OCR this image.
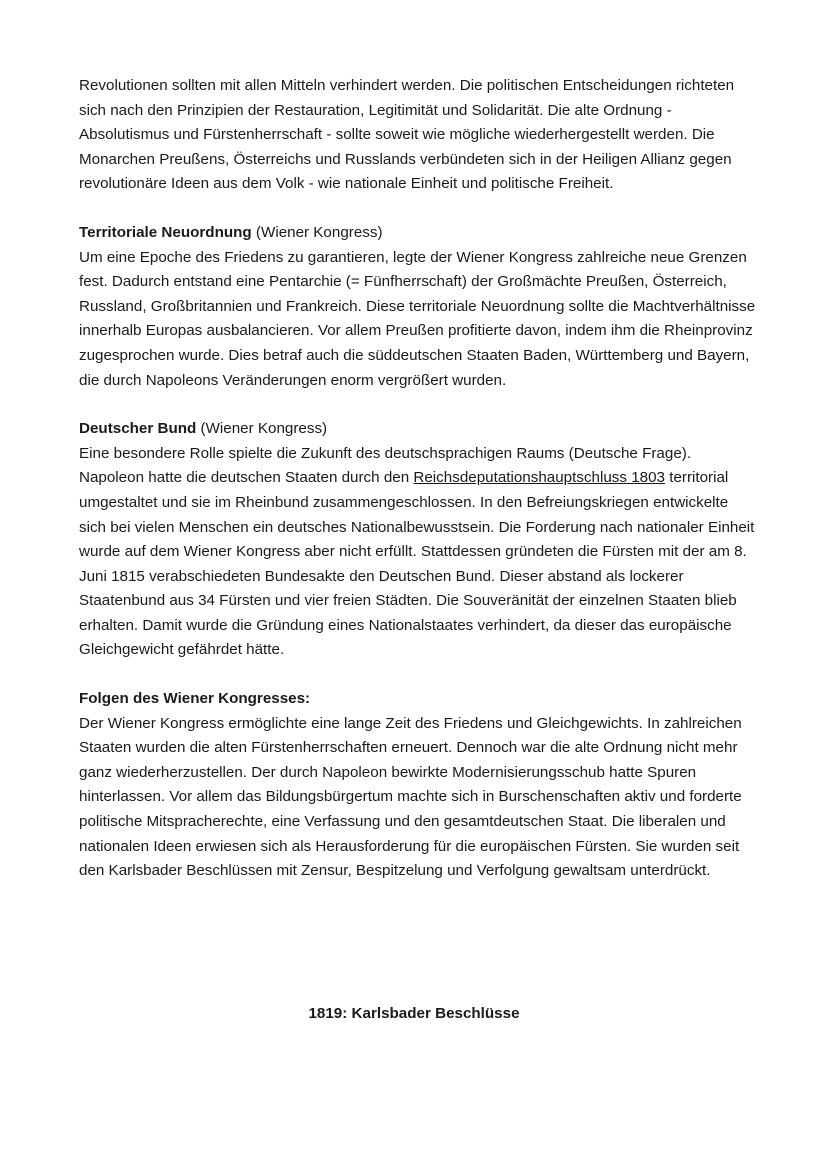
Revolutionen sollten mit allen Mitteln verhindert werden. Die politischen Entscheidungen richteten sich nach den Prinzipien der Restauration, Legitimität und Solidarität. Die alte Ordnung - Absolutismus und Fürstenherrschaft - sollte soweit wie mögliche wiederhergestellt werden. Die Monarchen Preußens, Österreichs und Russlands verbündeten sich in der Heiligen Allianz gegen revolutionäre Ideen aus dem Volk - wie nationale Einheit und politische Freiheit.

Territoriale Neuordnung (Wiener Kongress)

Um eine Epoche des Friedens zu garantieren, legte der Wiener Kongress zahlreiche neue Grenzen fest. Dadurch entstand eine Pentarchie (= Fünfherrschaft) der Großmächte Preußen, Österreich, Russland, Großbritannien und Frankreich. Diese territoriale Neuordnung sollte die Machtverhältnisse innerhalb Europas ausbalancieren. Vor allem Preußen profitierte davon, indem ihm die Rheinprovinz zugesprochen wurde. Dies betraf auch die süddeutschen Staaten Baden, Württemberg und Bayern, die durch Napoleons Veränderungen enorm vergrößert wurden.

Deutscher Bund (Wiener Kongress)

Eine besondere Rolle spielte die Zukunft des deutschsprachigen Raums (Deutsche Frage). Napoleon hatte die deutschen Staaten durch den Reichsdeputationshauptschluss 1803 territorial umgestaltet und sie im Rheinbund zusammengeschlossen. In den Befreiungskriegen entwickelte sich bei vielen Menschen ein deutsches Nationalbewusstsein. Die Forderung nach nationaler Einheit wurde auf dem Wiener Kongress aber nicht erfüllt. Stattdessen gründeten die Fürsten mit der am 8. Juni 1815 verabschiedeten Bundesakte den Deutschen Bund. Dieser abstand als lockerer Staatenbund aus 34 Fürsten und vier freien Städten. Die Souveränität der einzelnen Staaten blieb erhalten. Damit wurde die Gründung eines Nationalstaates verhindert, da dieser das europäische Gleichgewicht gefährdet hätte.

Folgen des Wiener Kongresses:

Der Wiener Kongress ermöglichte eine lange Zeit des Friedens und Gleichgewichts. In zahlreichen Staaten wurden die alten Fürstenherrschaften erneuert. Dennoch war die alte Ordnung nicht mehr ganz wiederherzustellen. Der durch Napoleon bewirkte Modernisierungsschub hatte Spuren hinterlassen. Vor allem das Bildungsbürgertum machte sich in Burschenschaften aktiv und forderte politische Mitspracherechte, eine Verfassung und den gesamtdeutschen Staat. Die liberalen und nationalen Ideen erwiesen sich als Herausforderung für die europäischen Fürsten. Sie wurden seit den Karlsbader Beschlüssen mit Zensur, Bespitzelung und Verfolgung gewaltsam unterdrückt.

1819: Karlsbader Beschlüsse
